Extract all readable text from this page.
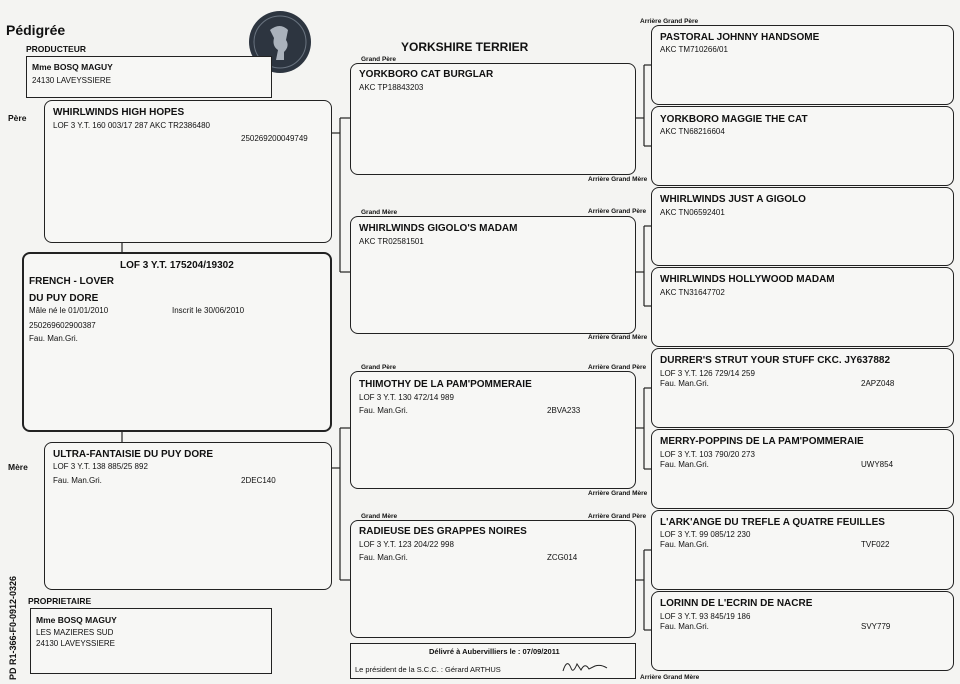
Pédigrée
YORKSHIRE TERRIER
PRODUCTEUR
Mme BOSQ MAGUY
24130 LAVEYSSIERE
Père
Mère
WHIRLWINDS HIGH HOPES
LOF 3 Y.T. 160 003/17 287 AKC TR2386480
250269200049749
LOF 3 Y.T. 175204/19302
FRENCH - LOVER
DU PUY DORE
Mâle né le 01/01/2010	Inscrit le 30/06/2010
250269602900387
Fau. Man.Gri.
ULTRA-FANTAISIE DU PUY DORE
LOF 3 Y.T. 138 885/25 892
Fau. Man.Gri.	2DEC140
PROPRIETAIRE
Mme BOSQ MAGUY
LES MAZIERES SUD
24130 LAVEYSSIERE
PD R1-366-F0-0912-0326
Grand Père
YORKBORO CAT BURGLAR
AKC TP18843203
Grand Mère
WHIRLWINDS GIGOLO'S MADAM
AKC TR02581501
Grand Père
THIMOTHY DE LA PAM'POMMERAIE
LOF 3 Y.T. 130 472/14 989
Fau. Man.Gri.	2BVA233
Grand Mère
RADIEUSE DES GRAPPES NOIRES
LOF 3 Y.T. 123 204/22 998
Fau. Man.Gri.	ZCG014
Arrière Grand Père
Arrière Grand Mère
Arrière Grand Père
Arrière Grand Mère
Arrière Grand Père
Arrière Grand Mère
Arrière Grand Père
Arrière Grand Mère
PASTORAL JOHNNY HANDSOME
AKC TM710266/01
YORKBORO MAGGIE THE CAT
AKC TN68216604
WHIRLWINDS JUST A GIGOLO
AKC TN06592401
WHIRLWINDS HOLLYWOOD MADAM
AKC TN31647702
DURRER'S STRUT YOUR STUFF CKC. JY637882
LOF 3 Y.T. 126 729/14 259
Fau. Man.Gri.	2APZ048
MERRY-POPPINS DE LA PAM'POMMERAIE
LOF 3 Y.T. 103 790/20 273
Fau. Man.Gri.	UWY854
L'ARK'ANGE DU TREFLE A QUATRE FEUILLES
LOF 3 Y.T. 99 085/12 230
Fau. Man.Gri.	TVF022
LORINN DE L'ECRIN DE NACRE
LOF 3 Y.T. 93 845/19 186
Fau. Man.Gri.	SVY779
Délivré à Aubervilliers le : 07/09/2011
Le président de la S.C.C. : Gérard ARTHUS
